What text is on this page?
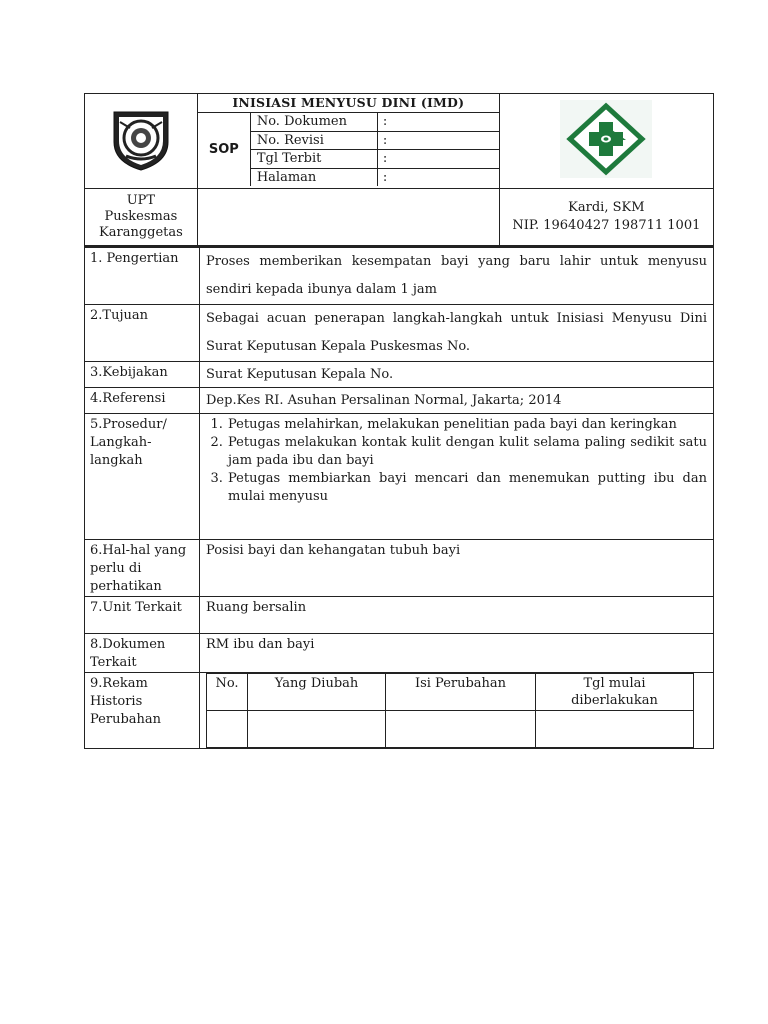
INISIASI MENYUSU DINI (IMD)
SOP	No. Dokumen	:
No. Revisi	:
Tgl Terbit	:
Halaman	:

UPT
Puskesmas
Karanggetas

Kardi, SKM
NIP. 19640427 198711 1001
1. Pengertian	Proses memberikan kesempatan bayi yang baru lahir untuk menyusu sendiri kepada ibunya dalam 1 jam
2.Tujuan	Sebagai acuan penerapan langkah-langkah untuk Inisiasi Menyusu Dini Surat Keputusan Kepala Puskesmas No.
3.Kebijakan	Surat Keputusan Kepala No.
4.Referensi	Dep.Kes RI. Asuhan Persalinan Normal, Jakarta; 2014
5.Prosedur/ Langkah-langkah	
1. Petugas melahirkan, melakukan penelitian pada bayi dan keringkan
2. Petugas melakukan kontak kulit dengan kulit selama paling sedikit satu jam pada ibu dan bayi
3. Petugas membiarkan bayi mencari dan menemukan putting ibu dan mulai menyusu

6.Hal-hal yang perlu di perhatikan	Posisi bayi dan kehangatan tubuh bayi
7.Unit Terkait	Ruang bersalin
8.Dokumen Terkait	RM ibu dan bayi
9.Rekam Historis Perubahan	
No.	Yang Diubah	Isi Perubahan	Tgl mulai diberlakukan
